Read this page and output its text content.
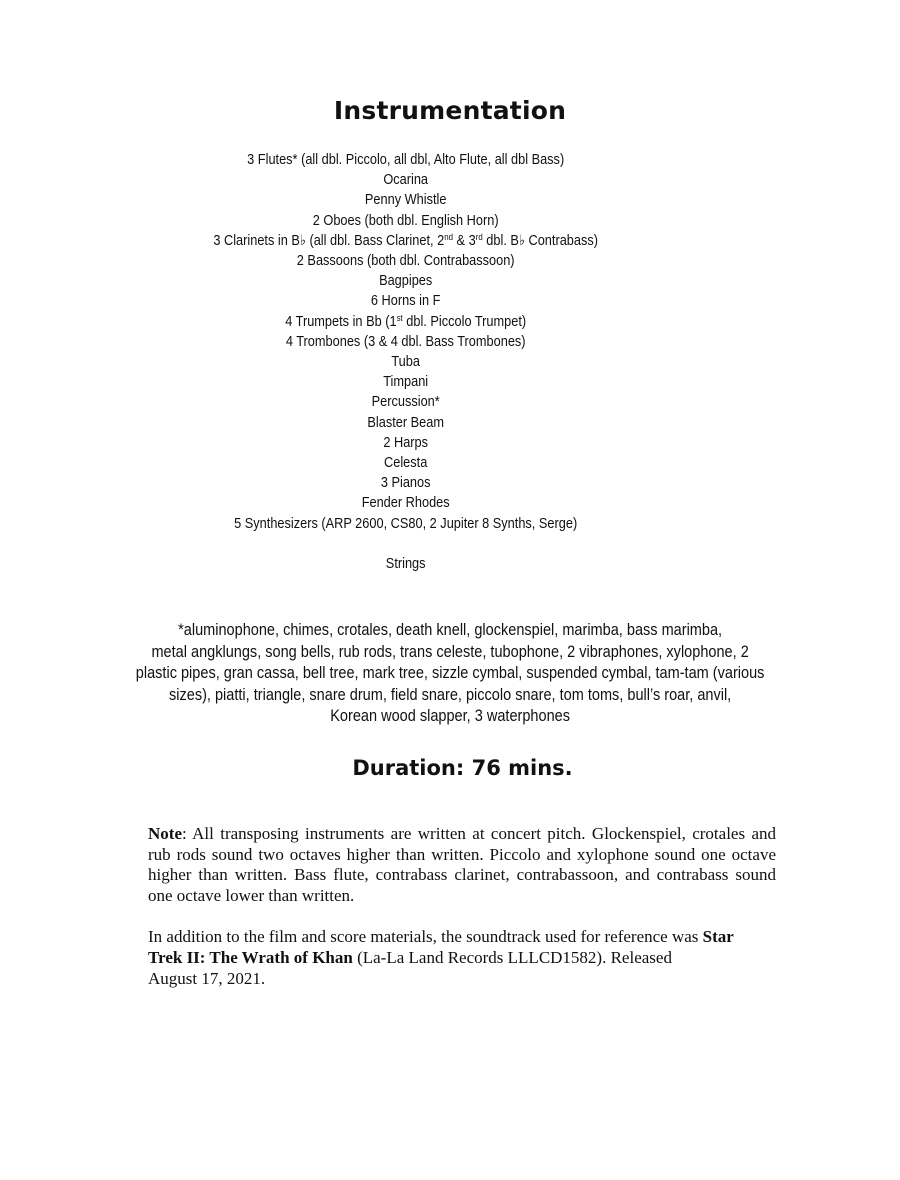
Instrumentation
3 Flutes* (all dbl. Piccolo, all dbl, Alto Flute, all dbl Bass)
Ocarina
Penny Whistle
2 Oboes (both dbl. English Horn)
3 Clarinets in B♭ (all dbl. Bass Clarinet, 2nd & 3rd dbl. B♭ Contrabass)
2 Bassoons (both dbl. Contrabassoon)
Bagpipes
6 Horns in F
4 Trumpets in Bb (1st dbl. Piccolo Trumpet)
4 Trombones (3 & 4 dbl. Bass Trombones)
Tuba
Timpani
Percussion*
Blaster Beam
2 Harps
Celesta
3 Pianos
Fender Rhodes
5 Synthesizers (ARP 2600, CS80, 2 Jupiter 8 Synths, Serge)
Strings
*aluminophone, chimes, crotales, death knell, glockenspiel, marimba, bass marimba,
metal angklungs, song bells, rub rods, trans celeste, tubophone, 2 vibraphones, xylophone, 2
plastic pipes, gran cassa, bell tree, mark tree, sizzle cymbal, suspended cymbal, tam-tam (various
sizes), piatti, triangle, snare drum, field snare, piccolo snare, tom toms, bull’s roar, anvil,
Korean wood slapper, 3 waterphones
Duration: 76 mins.
Note: All transposing instruments are written at concert pitch. Glockenspiel, crotales and rub rods sound two octaves higher than written. Piccolo and xylophone sound one octave higher than written. Bass flute, contrabass clarinet, contrabassoon, and contrabass sound one octave lower than written.
In addition to the film and score materials, the soundtrack used for reference was Star
Trek II: The Wrath of Khan (La-La Land Records LLLCD1582). Released
August 17, 2021.
